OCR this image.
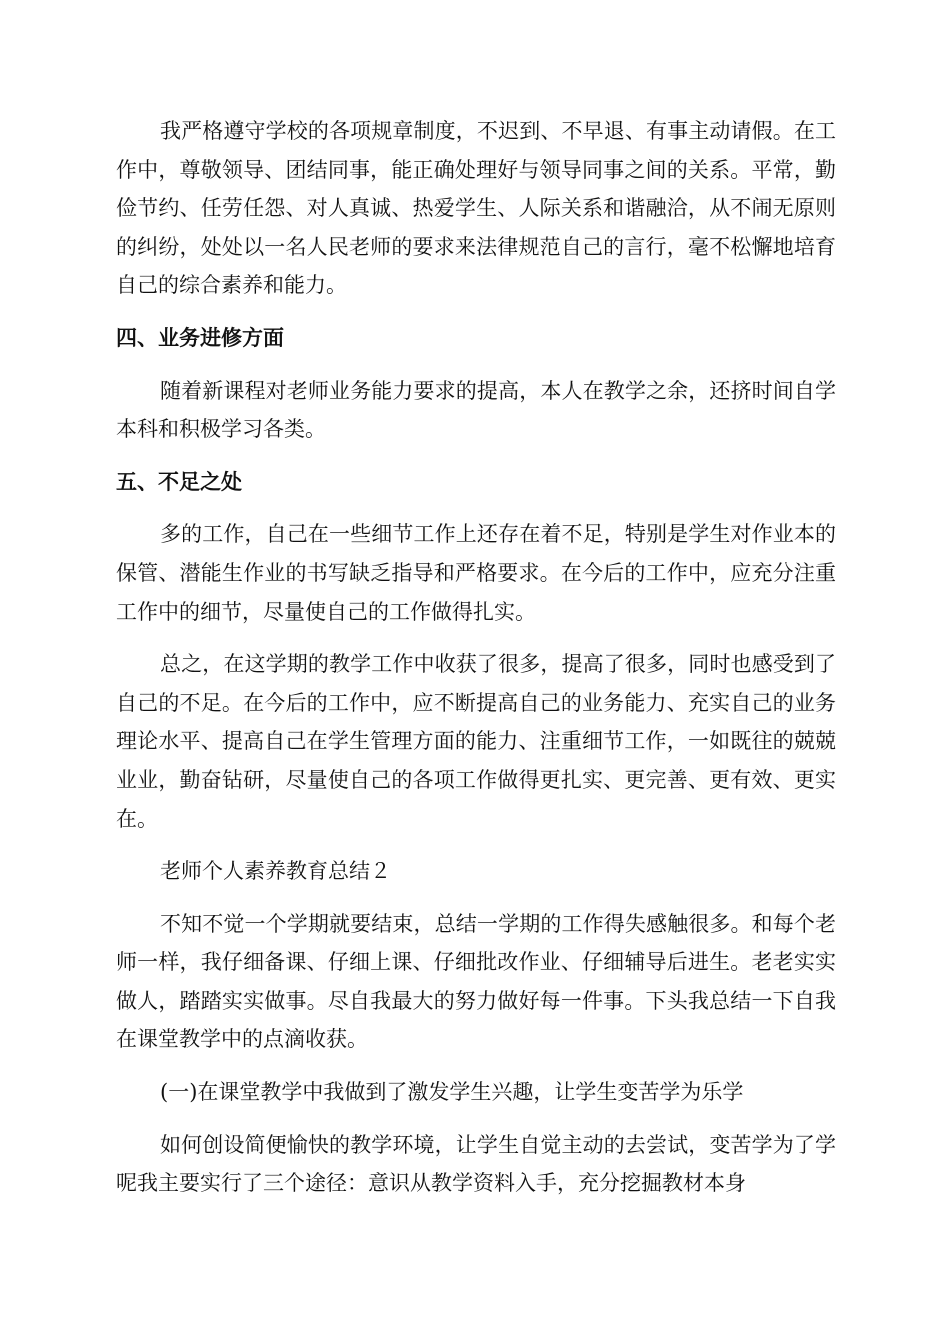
我严格遵守学校的各项规章制度，不迟到、不早退、有事主动请假。在工作中，尊敬领导、团结同事，能正确处理好与领导同事之间的关系。平常，勤俭节约、任劳任怨、对人真诚、热爱学生、人际关系和谐融洽，从不闹无原则的纠纷，处处以一名人民老师的要求来法律规范自己的言行，毫不松懈地培育自己的综合素养和能力。

四、业务进修方面

随着新课程对老师业务能力要求的提高，本人在教学之余，还挤时间自学本科和积极学习各类。

五、不足之处

多的工作，自己在一些细节工作上还存在着不足，特别是学生对作业本的保管、潜能生作业的书写缺乏指导和严格要求。在今后的工作中，应充分注重工作中的细节，尽量使自己的工作做得扎实。

总之，在这学期的教学工作中收获了很多，提高了很多，同时也感受到了自己的不足。在今后的工作中，应不断提高自己的业务能力、充实自己的业务理论水平、提高自己在学生管理方面的能力、注重细节工作，一如既往的兢兢业业，勤奋钻研，尽量使自己的各项工作做得更扎实、更完善、更有效、更实在。

老师个人素养教育总结２

不知不觉一个学期就要结束，总结一学期的工作得失感触很多。和每个老师一样，我仔细备课、仔细上课、仔细批改作业、仔细辅导后进生。老老实实做人，踏踏实实做事。尽自我最大的努力做好每一件事。下头我总结一下自我在课堂教学中的点滴收获。

(一)在课堂教学中我做到了激发学生兴趣，让学生变苦学为乐学

如何创设简便愉快的教学环境，让学生自觉主动的去尝试，变苦学为了学呢我主要实行了三个途径：意识从教学资料入手，充分挖掘教材本身
